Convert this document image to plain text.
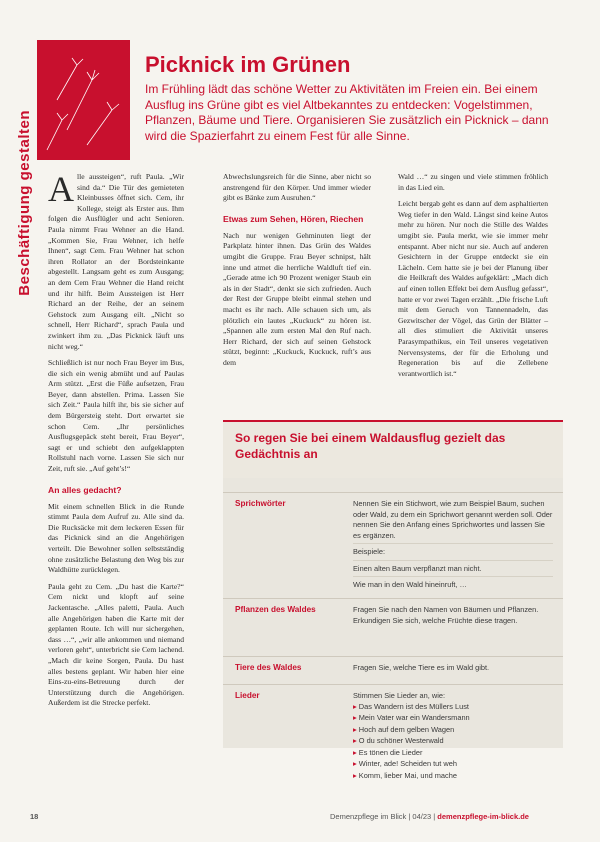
Beschäftigung gestalten
Picknick im Grünen
Im Frühling lädt das schöne Wetter zu Aktivitäten im Freien ein. Bei einem Ausflug ins Grüne gibt es viel Altbekanntes zu entdecken: Vogelstimmen, Pflanzen, Bäume und Tiere. Organisieren Sie zusätzlich ein Picknick – dann wird die Spazierfahrt zu einem Fest für alle Sinne.

Alle aussteigen“, ruft Paula. „Wir sind da.“ Die Tür des gemieteten Kleinbusses öffnet sich. Cem, ihr Kollege, steigt als Erster aus. Ihm folgen die Ausflügler und acht Senioren. Paula nimmt Frau Wehner an die Hand. „Kommen Sie, Frau Wehner, ich helfe Ihnen“, sagt Cem. Frau Wehner hat schon ihren Rollator an der Bordsteinkante abgestellt. Langsam geht es zum Ausgang; an dem Cem Frau Wehner die Hand reicht und ihr hilft. Beim Aussteigen ist Herr Richard an der Reihe, der an seinem Gehstock zum Ausgang eilt. „Nicht so schnell, Herr Richard“, sprach Paula und zwinkert ihm zu. „Das Picknick läuft uns nicht weg.“

Schließlich ist nur noch Frau Beyer im Bus, die sich ein wenig abmüht und auf Paulas Arm stützt. „Erst die Füße aufsetzen, Frau Beyer, dann abstellen. Prima. Lassen Sie sich Zeit.“ Paula hilft ihr, bis sie sicher auf dem Bürgersteig steht. Dort erwartet sie schon Cem. „Ihr persönliches Ausflugsgepäck steht bereit, Frau Beyer“, sagt er und schiebt den aufgeklappten Rollstuhl nach vorne. Lassen Sie sich nur Zeit, ruft sie. „Auf geht’s!“

An alles gedacht?

Mit einem schnellen Blick in die Runde stimmt Paula dem Aufruf zu. Alle sind da. Die Rucksäcke mit dem leckeren Essen für das Picknick sind an die Angehörigen verteilt. Die Bewohner sollen selbstständig ohne zusätzliche Belastung den Weg bis zur Waldhütte zurücklegen.

Paula geht zu Cem. „Du hast die Karte?“ Cem nickt und klopft auf seine Jackentasche. „Alles paletti, Paula. Auch alle Angehörigen haben die Karte mit der geplanten Route. Ich will nur sichergehen, dass …“, „wir alle ankommen und niemand verloren geht“, unterbricht sie Cem lachend. „Mach dir keine Sorgen, Paula. Du hast alles bestens geplant. Wir haben hier eine Eins-zu-eins-Betreuung durch der Unterstützung durch die Angehörigen. Außerdem ist die Strecke perfekt.

Abwechslungsreich für die Sinne, aber nicht so anstrengend für den Körper. Und immer wieder gibt es Bänke zum Ausruhen.“

Etwas zum Sehen, Hören, Riechen

Nach nur wenigen Gehminuten liegt der Parkplatz hinter ihnen. Das Grün des Waldes umgibt die Gruppe. Frau Beyer schnipst, hält inne und atmet die herrliche Waldluft tief ein. „Gerade atme ich 90 Prozent weniger Staub ein als in der Stadt“, denkt sie sich zufrieden. Auch der Rest der Gruppe bleibt einmal stehen und macht es ihr nach. Alle schauen sich um, als plötzlich ein lautes „Kuckuck“ zu hören ist. „Spannen alle zum ersten Mal den Ruf nach. Herr Richard, der sich auf seinen Gehstock stützt, beginnt: „Kuckuck, Kuckuck, ruft’s aus dem

Wald …“ zu singen und viele stimmen fröhlich in das Lied ein.

Leicht bergab geht es dann auf dem asphaltierten Weg tiefer in den Wald. Längst sind keine Autos mehr zu hören. Nur noch die Stille des Waldes umgibt sie. Paula merkt, wie sie immer mehr entspannt. Aber nicht nur sie. Auch auf anderen Gesichtern in der Gruppe entdeckt sie ein Lächeln. Cem hatte sie je bei der Planung über die Heilkraft des Waldes aufgeklärt: „Mach dich auf einen tollen Effekt bei dem Ausflug gefasst“, hatte er vor zwei Tagen erzählt. „Die frische Luft mit dem Geruch von Tannennadeln, das Gezwitscher der Vögel, das Grün der Blätter – all dies stimuliert die Aktivität unseres Parasympathikus, ein Teil unseres vegetativen Nervensystems, der für die Erholung und Regeneration bis auf die Zellebene verantwortlich ist.“

So regen Sie bei einem Waldausflug gezielt das Gedächtnis an
Sprichwörter	Nennen Sie ein Stichwort, wie zum Beispiel Baum, suchen oder Wald, zu dem ein Sprichwort genannt werden soll. Oder nennen Sie den Anfang eines Sprichwortes und lassen Sie es ergänzen.
Beispiele:
Einen alten Baum verpflanzt man nicht.
Wie man in den Wald hineinruft, …
Pflanzen des Waldes	Fragen Sie nach den Namen von Bäumen und Pflanzen. Erkundigen Sie sich, welche Früchte diese tragen.
Tiere des Waldes	Fragen Sie, welche Tiere es im Wald gibt.
Lieder	Stimmen Sie Lieder an, wie:
▸ Das Wandern ist des Müllers Lust
▸ Mein Vater war ein Wandersmann
▸ Hoch auf dem gelben Wagen
▸ O du schöner Westerwald
▸ Es tönen die Lieder
▸ Winter, ade! Scheiden tut weh
▸ Komm, lieber Mai, und mache
18	Demenzpflege im Blick | 04/23 | demenzpflege-im-blick.de
